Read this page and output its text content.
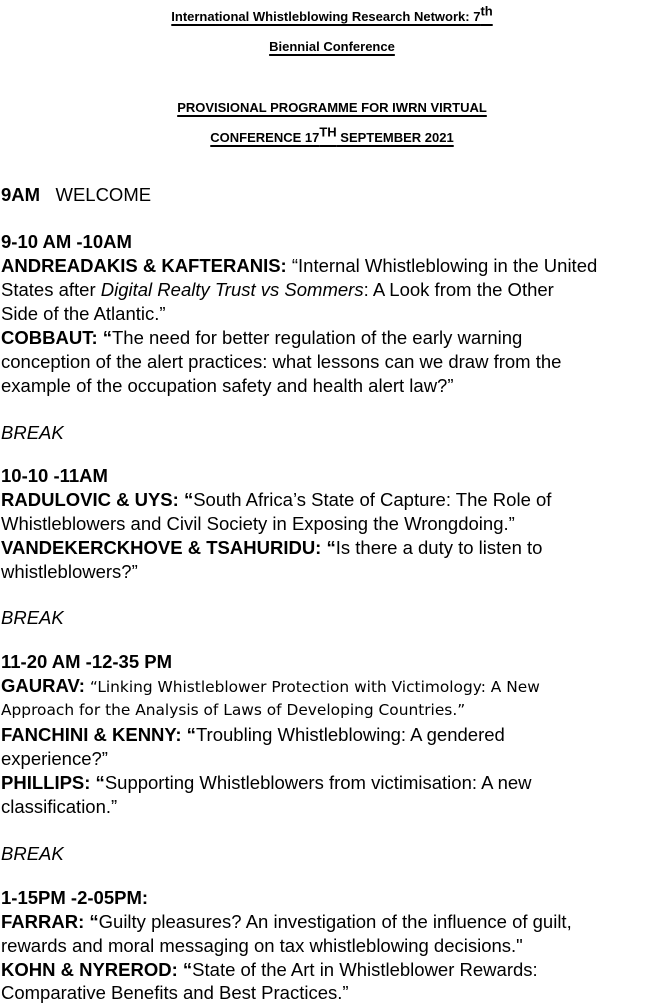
International Whistleblowing Research Network: 7th
Biennial Conference
PROVISIONAL PROGRAMME FOR IWRN VIRTUAL
CONFERENCE 17TH SEPTEMBER 2021

9AM WELCOME

9-10 AM -10AM

ANDREADAKIS & KAFTERANIS: “Internal Whistleblowing in the United

States after Digital Realty Trust vs Sommers: A Look from the Other

Side of the Atlantic.”

COBBAUT: “The need for better regulation of the early warning

conception of the alert practices: what lessons can we draw from the

example of the occupation safety and health alert law?”

BREAK

10-10 -11AM

RADULOVIC & UYS: “South Africa’s State of Capture: The Role of

Whistleblowers and Civil Society in Exposing the Wrongdoing.”

VANDEKERCKHOVE & TSAHURIDU: “Is there a duty to listen to

whistleblowers?”

BREAK

11-20 AM -12-35 PM

GAURAV: “Linking Whistleblower Protection with Victimology: A New

Approach for the Analysis of Laws of Developing Countries.”

FANCHINI & KENNY: “Troubling Whistleblowing: A gendered

experience?”

PHILLIPS: “Supporting Whistleblowers from victimisation: A new

classification.”

BREAK

1-15PM -2-05PM:

FARRAR: “Guilty pleasures? An investigation of the influence of guilt,

rewards and moral messaging on tax whistleblowing decisions."

KOHN & NYREROD: “State of the Art in Whistleblower Rewards:

Comparative Benefits and Best Practices.”
